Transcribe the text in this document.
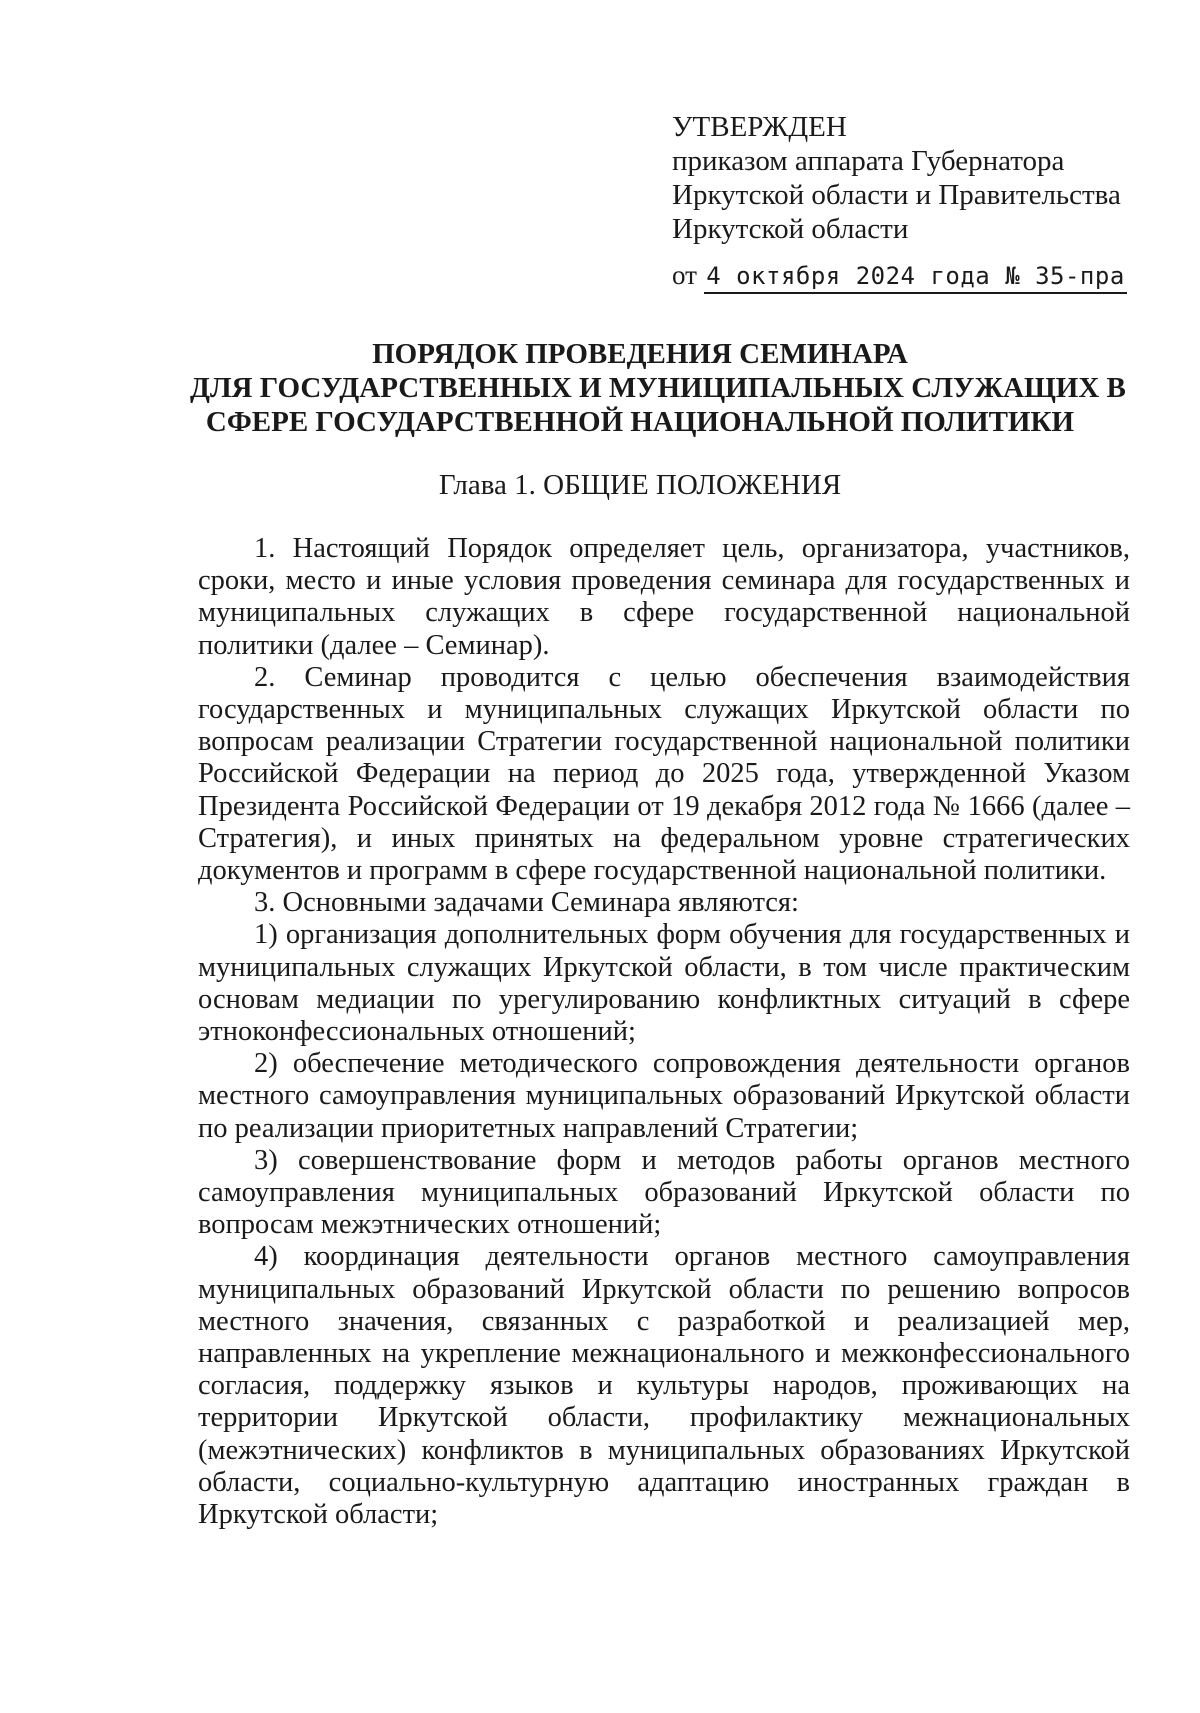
УТВЕРЖДЕН
приказом аппарата Губернатора
Иркутской области и Правительства
Иркутской области
от 4 октября 2024 года № 35-пра
ПОРЯДОК ПРОВЕДЕНИЯ СЕМИНАРА
ДЛЯ ГОСУДАРСТВЕННЫХ И МУНИЦИПАЛЬНЫХ СЛУЖАЩИХ В
СФЕРЕ ГОСУДАРСТВЕННОЙ НАЦИОНАЛЬНОЙ ПОЛИТИКИ
Глава 1. ОБЩИЕ ПОЛОЖЕНИЯ

1. Настоящий Порядок определяет цель, организатора, участников, сроки, место и иные условия проведения семинара для государственных и муниципальных служащих в сфере государственной национальной политики (далее – Семинар).

2. Семинар проводится с целью обеспечения взаимодействия государственных и муниципальных служащих Иркутской области по вопросам реализации Стратегии государственной национальной политики Российской Федерации на период до 2025 года, утвержденной Указом Президента Российской Федерации от 19 декабря 2012 года № 1666 (далее – Стратегия), и иных принятых на федеральном уровне стратегических документов и программ в сфере государственной национальной политики.

3. Основными задачами Семинара являются:

1) организация дополнительных форм обучения для государственных и муниципальных служащих Иркутской области, в том числе практическим основам медиации по урегулированию конфликтных ситуаций в сфере этноконфессиональных отношений;

2) обеспечение методического сопровождения деятельности органов местного самоуправления муниципальных образований Иркутской области по реализации приоритетных направлений Стратегии;

3) совершенствование форм и методов работы органов местного самоуправления муниципальных образований Иркутской области по вопросам межэтнических отношений;

4) координация деятельности органов местного самоуправления муниципальных образований Иркутской области по решению вопросов местного значения, связанных с разработкой и реализацией мер, направленных на укрепление межнационального и межконфессионального согласия, поддержку языков и культуры народов, проживающих на территории Иркутской области, профилактику межнациональных (межэтнических) конфликтов в муниципальных образованиях Иркутской области, социально-культурную адаптацию иностранных граждан в Иркутской области;
